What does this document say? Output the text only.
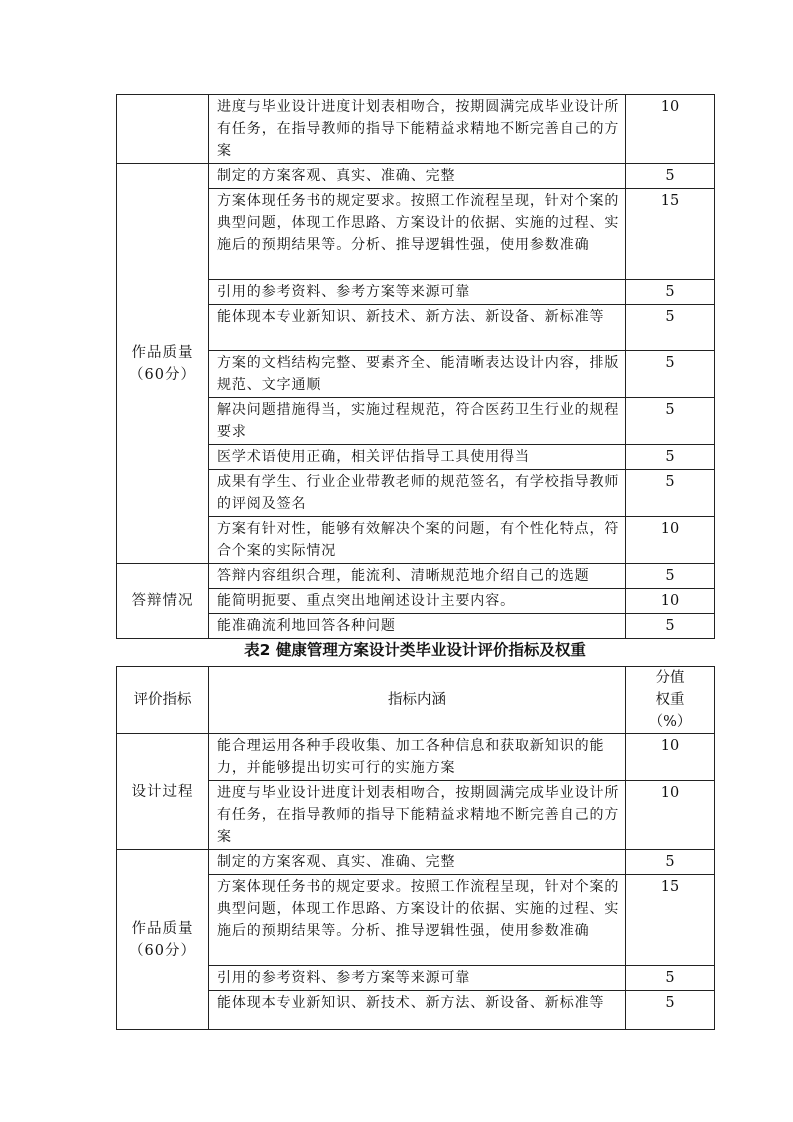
	进度与毕业设计进度计划表相吻合，按期圆满完成毕业设计所有任务，在指导教师的指导下能精益求精地不断完善自己的方案	10

作品质量
（60分）	制定的方案客观、真实、准确、完整	5
	方案体现任务书的规定要求。按照工作流程呈现，针对个案的典型问题，体现工作思路、方案设计的依据、实施的过程、实施后的预期结果等。分析、推导逻辑性强，使用参数准确	15
	引用的参考资料、参考方案等来源可靠	5
	能体现本专业新知识、新技术、新方法、新设备、新标准等	5
	方案的文档结构完整、要素齐全、能清晰表达设计内容，排版规范、文字通顺	5
	解决问题措施得当，实施过程规范，符合医药卫生行业的规程要求	5
	医学术语使用正确，相关评估指导工具使用得当	5
	成果有学生、行业企业带教老师的规范签名，有学校指导教师的评阅及签名	5
	方案有针对性，能够有效解决个案的问题，有个性化特点，符合个案的实际情况	10

答辩情况	答辩内容组织合理，能流利、清晰规范地介绍自己的选题	5
	能简明扼要、重点突出地阐述设计主要内容。	10
	能准确流利地回答各种问题	5
表2 健康管理方案设计类毕业设计评价指标及权重
评价指标	指标内涵	分值
权重
（%）

设计过程	能合理运用各种手段收集、加工各种信息和获取新知识的能力，并能够提出切实可行的实施方案	10
	进度与毕业设计进度计划表相吻合，按期圆满完成毕业设计所有任务，在指导教师的指导下能精益求精地不断完善自己的方案	10

作品质量
（60分）	制定的方案客观、真实、准确、完整	5
	方案体现任务书的规定要求。按照工作流程呈现，针对个案的典型问题，体现工作思路、方案设计的依据、实施的过程、实施后的预期结果等。分析、推导逻辑性强，使用参数准确	15
	引用的参考资料、参考方案等来源可靠	5
	能体现本专业新知识、新技术、新方法、新设备、新标准等	5
